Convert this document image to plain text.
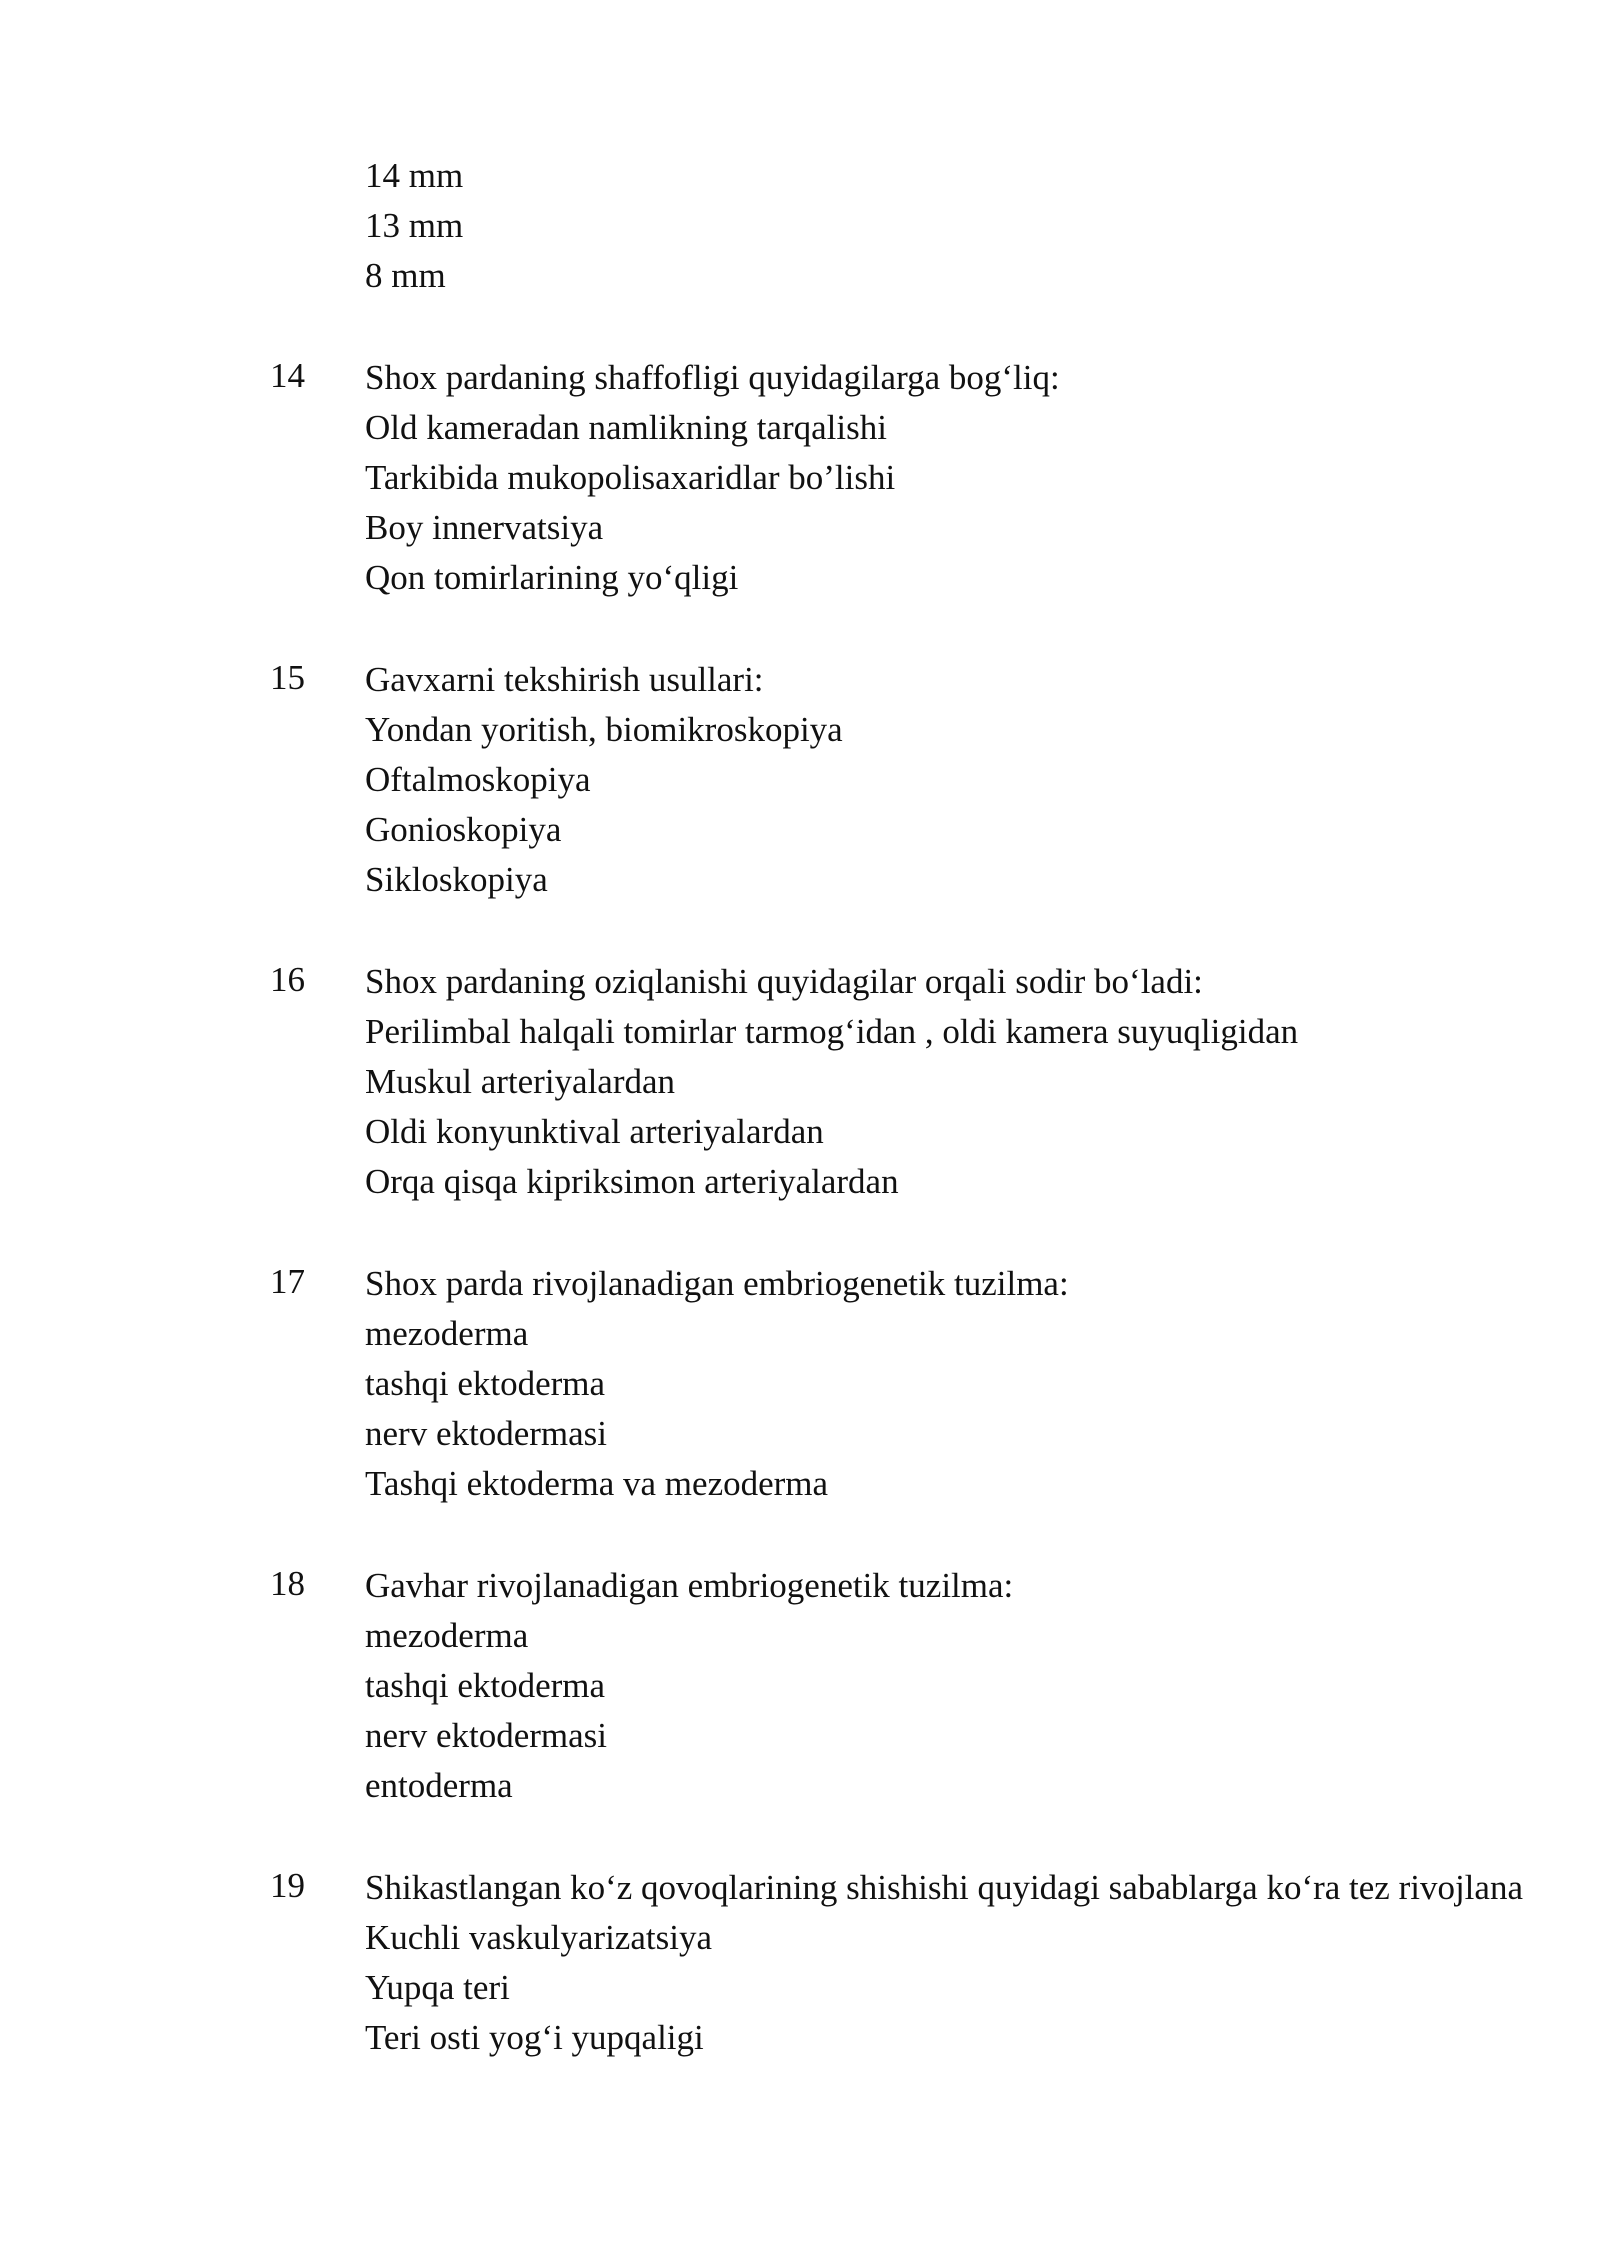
14 mm
13 mm
8 mm
14 Shox pardaning shaffofligi quyidagilarga bog‘liq:
Old kameradan namlikning tarqalishi
Tarkibida mukopolisaxaridlar bo’lishi
Boy innervatsiya
Qon tomirlarining yo‘qligi
15 Gavxarni tekshirish usullari:
Yondan yoritish, biomikroskopiya
Oftalmoskopiya
Gonioskopiya
Sikloskopiya
16 Shox pardaning oziqlanishi quyidagilar orqali sodir bo‘ladi:
Perilimbal halqali tomirlar tarmog‘idan , oldi kamera suyuqligidan
Muskul arteriyalardan
Oldi konyunktival arteriyalardan
Orqa qisqa kipriksimon arteriyalardan
17 Shox parda rivojlanadigan embriogenetik tuzilma:
mezoderma
tashqi ektoderma
nerv ektodermasi
Tashqi ektoderma va mezoderma
18 Gavhar rivojlanadigan embriogenetik tuzilma:
mezoderma
tashqi ektoderma
nerv ektodermasi
entoderma
19 Shikastlangan ko‘z qovoqlarining shishishi quyidagi sabablarga ko‘ra tez rivojlana
Kuchli vaskulyarizatsiya
Yupqa teri
Teri osti yog‘i yupqaligi
